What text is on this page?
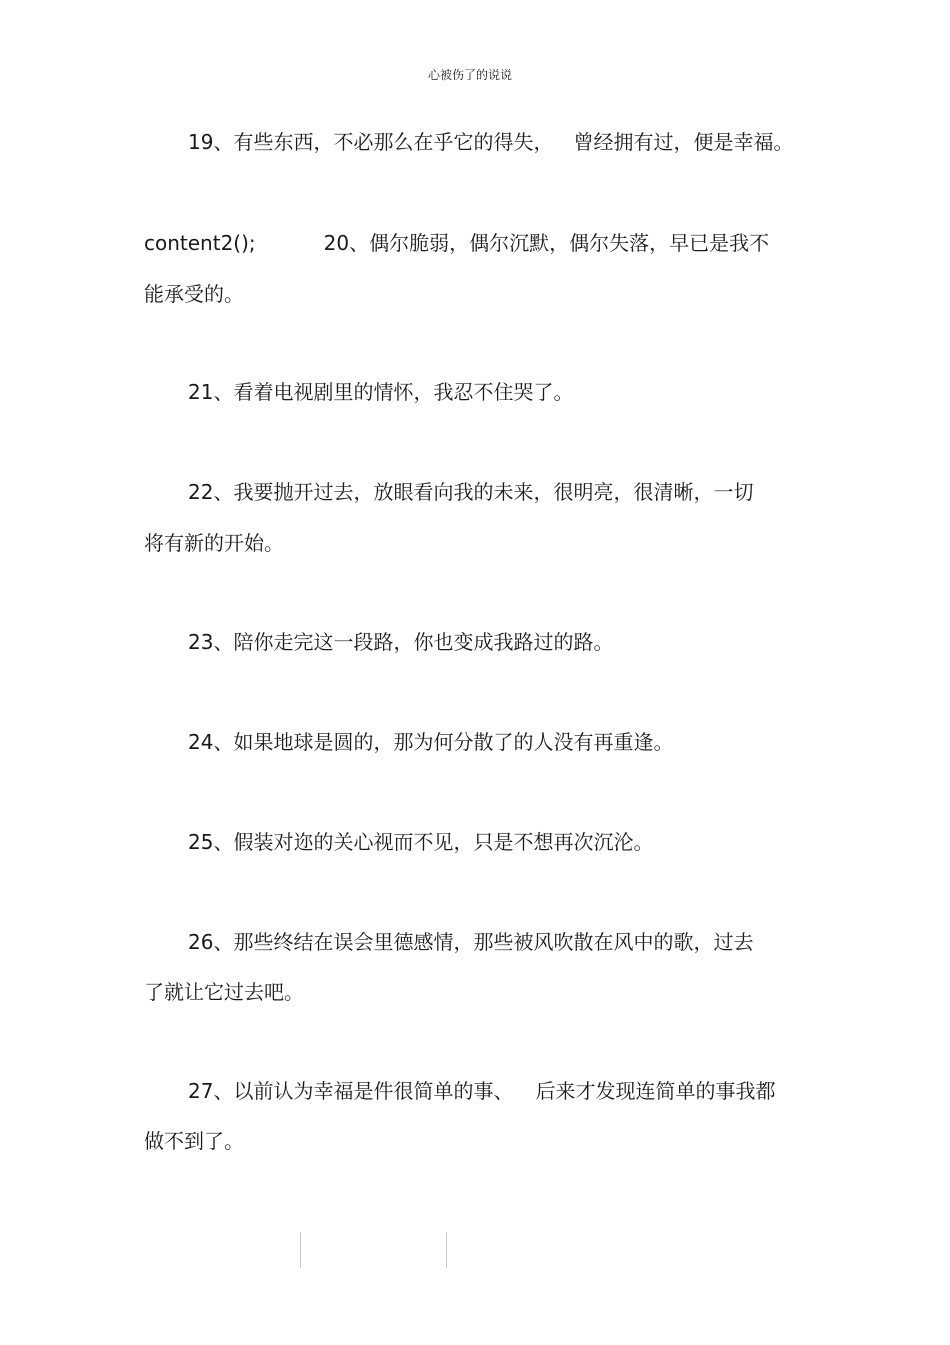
心被伤了的说说
19、有些东西，不必那么在乎它的得失， 曾经拥有过，便是幸福。
content2();	20、偶尔脆弱，偶尔沉默，偶尔失落，早已是我不
能承受的。
21、看着电视剧里的情怀，我忍不住哭了。
22、我要抛开过去，放眼看向我的未来，很明亮，很清晰，一切
将有新的开始。
23、陪你走完这一段路，你也变成我路过的路。
24、如果地球是圆的，那为何分散了的人没有再重逢。
25、假装对迩的关心视而不见，只是不想再次沉沦。
26、那些终结在误会里德感情，那些被风吹散在风中的歌，过去
了就让它过去吧。
27、以前认为幸福是件很简单的事、 后来才发现连简单的事我都
做不到了。
